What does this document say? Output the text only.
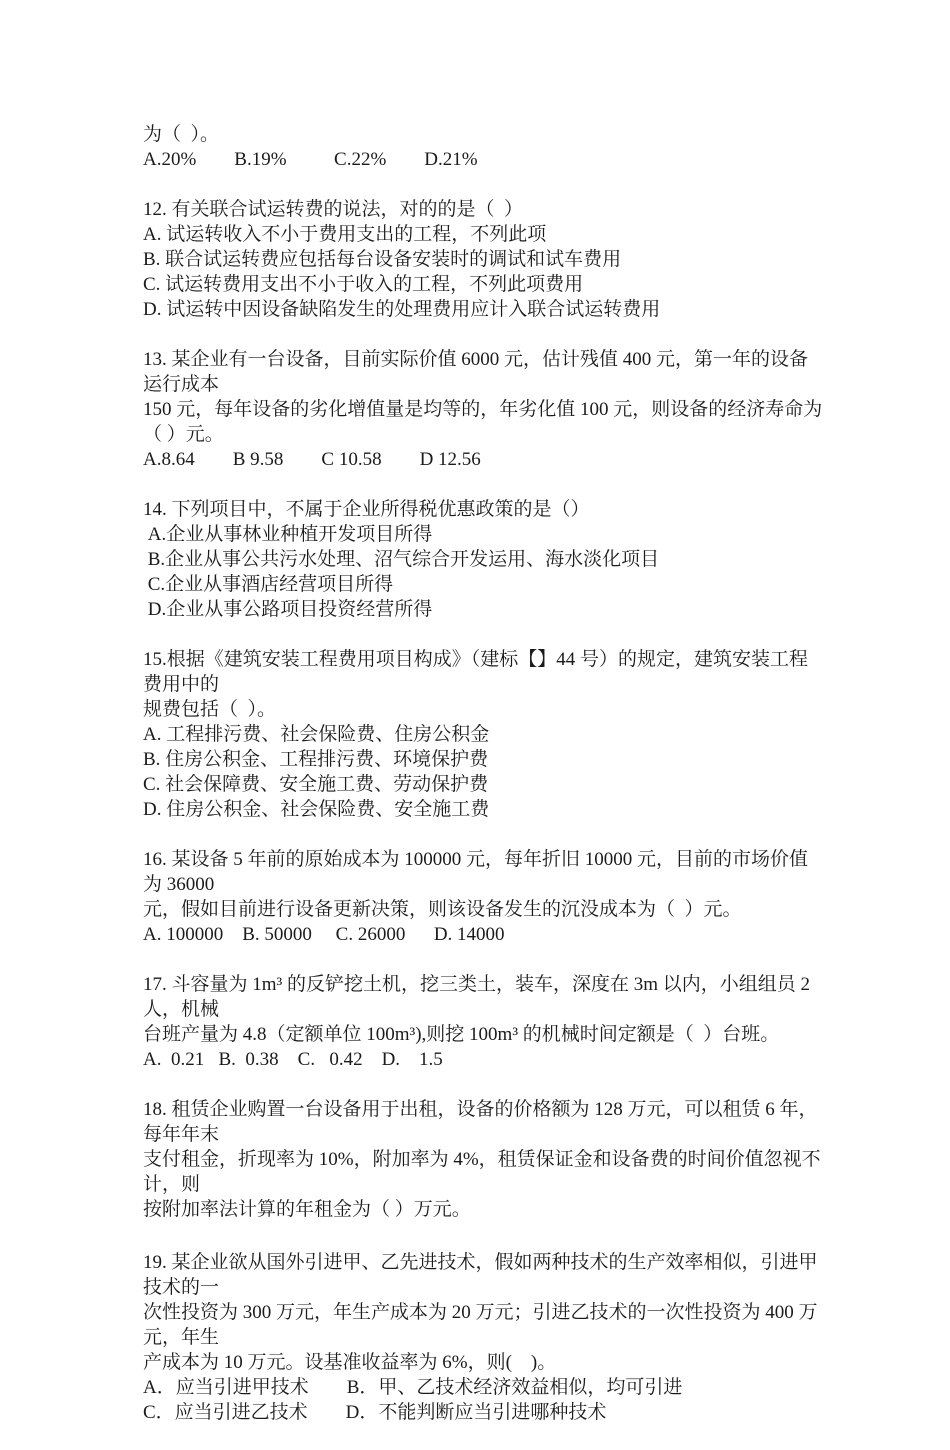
为（  ）。
A.20%        B.19%          C.22%        D.21%
12. 有关联合试运转费的说法，对的的是（  ）
A. 试运转收入不小于费用支出的工程，不列此项
B. 联合试运转费应包括每台设备安装时的调试和试车费用
C. 试运转费用支出不小于收入的工程，不列此项费用
D. 试运转中因设备缺陷发生的处理费用应计入联合试运转费用
13. 某企业有一台设备，目前实际价值 6000 元，估计残值 400 元，第一年的设备运行成本
150 元，每年设备的劣化增值量是均等的，年劣化值 100 元，则设备的经济寿命为（ ）元。
A.8.64        B 9.58        C 10.58        D 12.56
14. 下列项目中，不属于企业所得税优惠政策的是（）
A.企业从事林业种植开发项目所得
B.企业从事公共污水处理、沼气综合开发运用、海水淡化项目
C.企业从事酒店经营项目所得
D.企业从事公路项目投资经营所得
15.根据《建筑安装工程费用项目构成》（建标【】44 号）的规定，建筑安装工程费用中的
规费包括（  ）。
A. 工程排污费、社会保险费、住房公积金
B. 住房公积金、工程排污费、环境保护费
C. 社会保障费、安全施工费、劳动保护费
D. 住房公积金、社会保险费、安全施工费
16. 某设备 5 年前的原始成本为 100000 元，每年折旧 10000 元，目前的市场价值为 36000
元，假如目前进行设备更新决策，则该设备发生的沉没成本为（  ）元。
A. 100000    B. 50000     C. 26000      D. 14000
17. 斗容量为 1m³ 的反铲挖土机，挖三类土，装车，深度在 3m 以内，小组组员 2 人，机械
台班产量为 4.8（定额单位 100m³),则挖 100m³ 的机械时间定额是（  ）台班。
A.  0.21   B.  0.38    C.   0.42    D.    1.5
18. 租赁企业购置一台设备用于出租，设备的价格额为 128 万元，可以租赁 6 年，每年年末
支付租金，折现率为 10%，附加率为 4%，租赁保证金和设备费的时间价值忽视不计，则
按附加率法计算的年租金为（ ）万元。
19. 某企业欲从国外引进甲、乙先进技术，假如两种技术的生产效率相似，引进甲技术的一
次性投资为 300 万元，年生产成本为 20 万元；引进乙技术的一次性投资为 400 万元，年生
产成本为 10 万元。设基准收益率为 6%，则(    )。
A．应当引进甲技术        B．甲、乙技术经济效益相似，均可引进
C．应当引进乙技术        D．不能判断应当引进哪种技术
